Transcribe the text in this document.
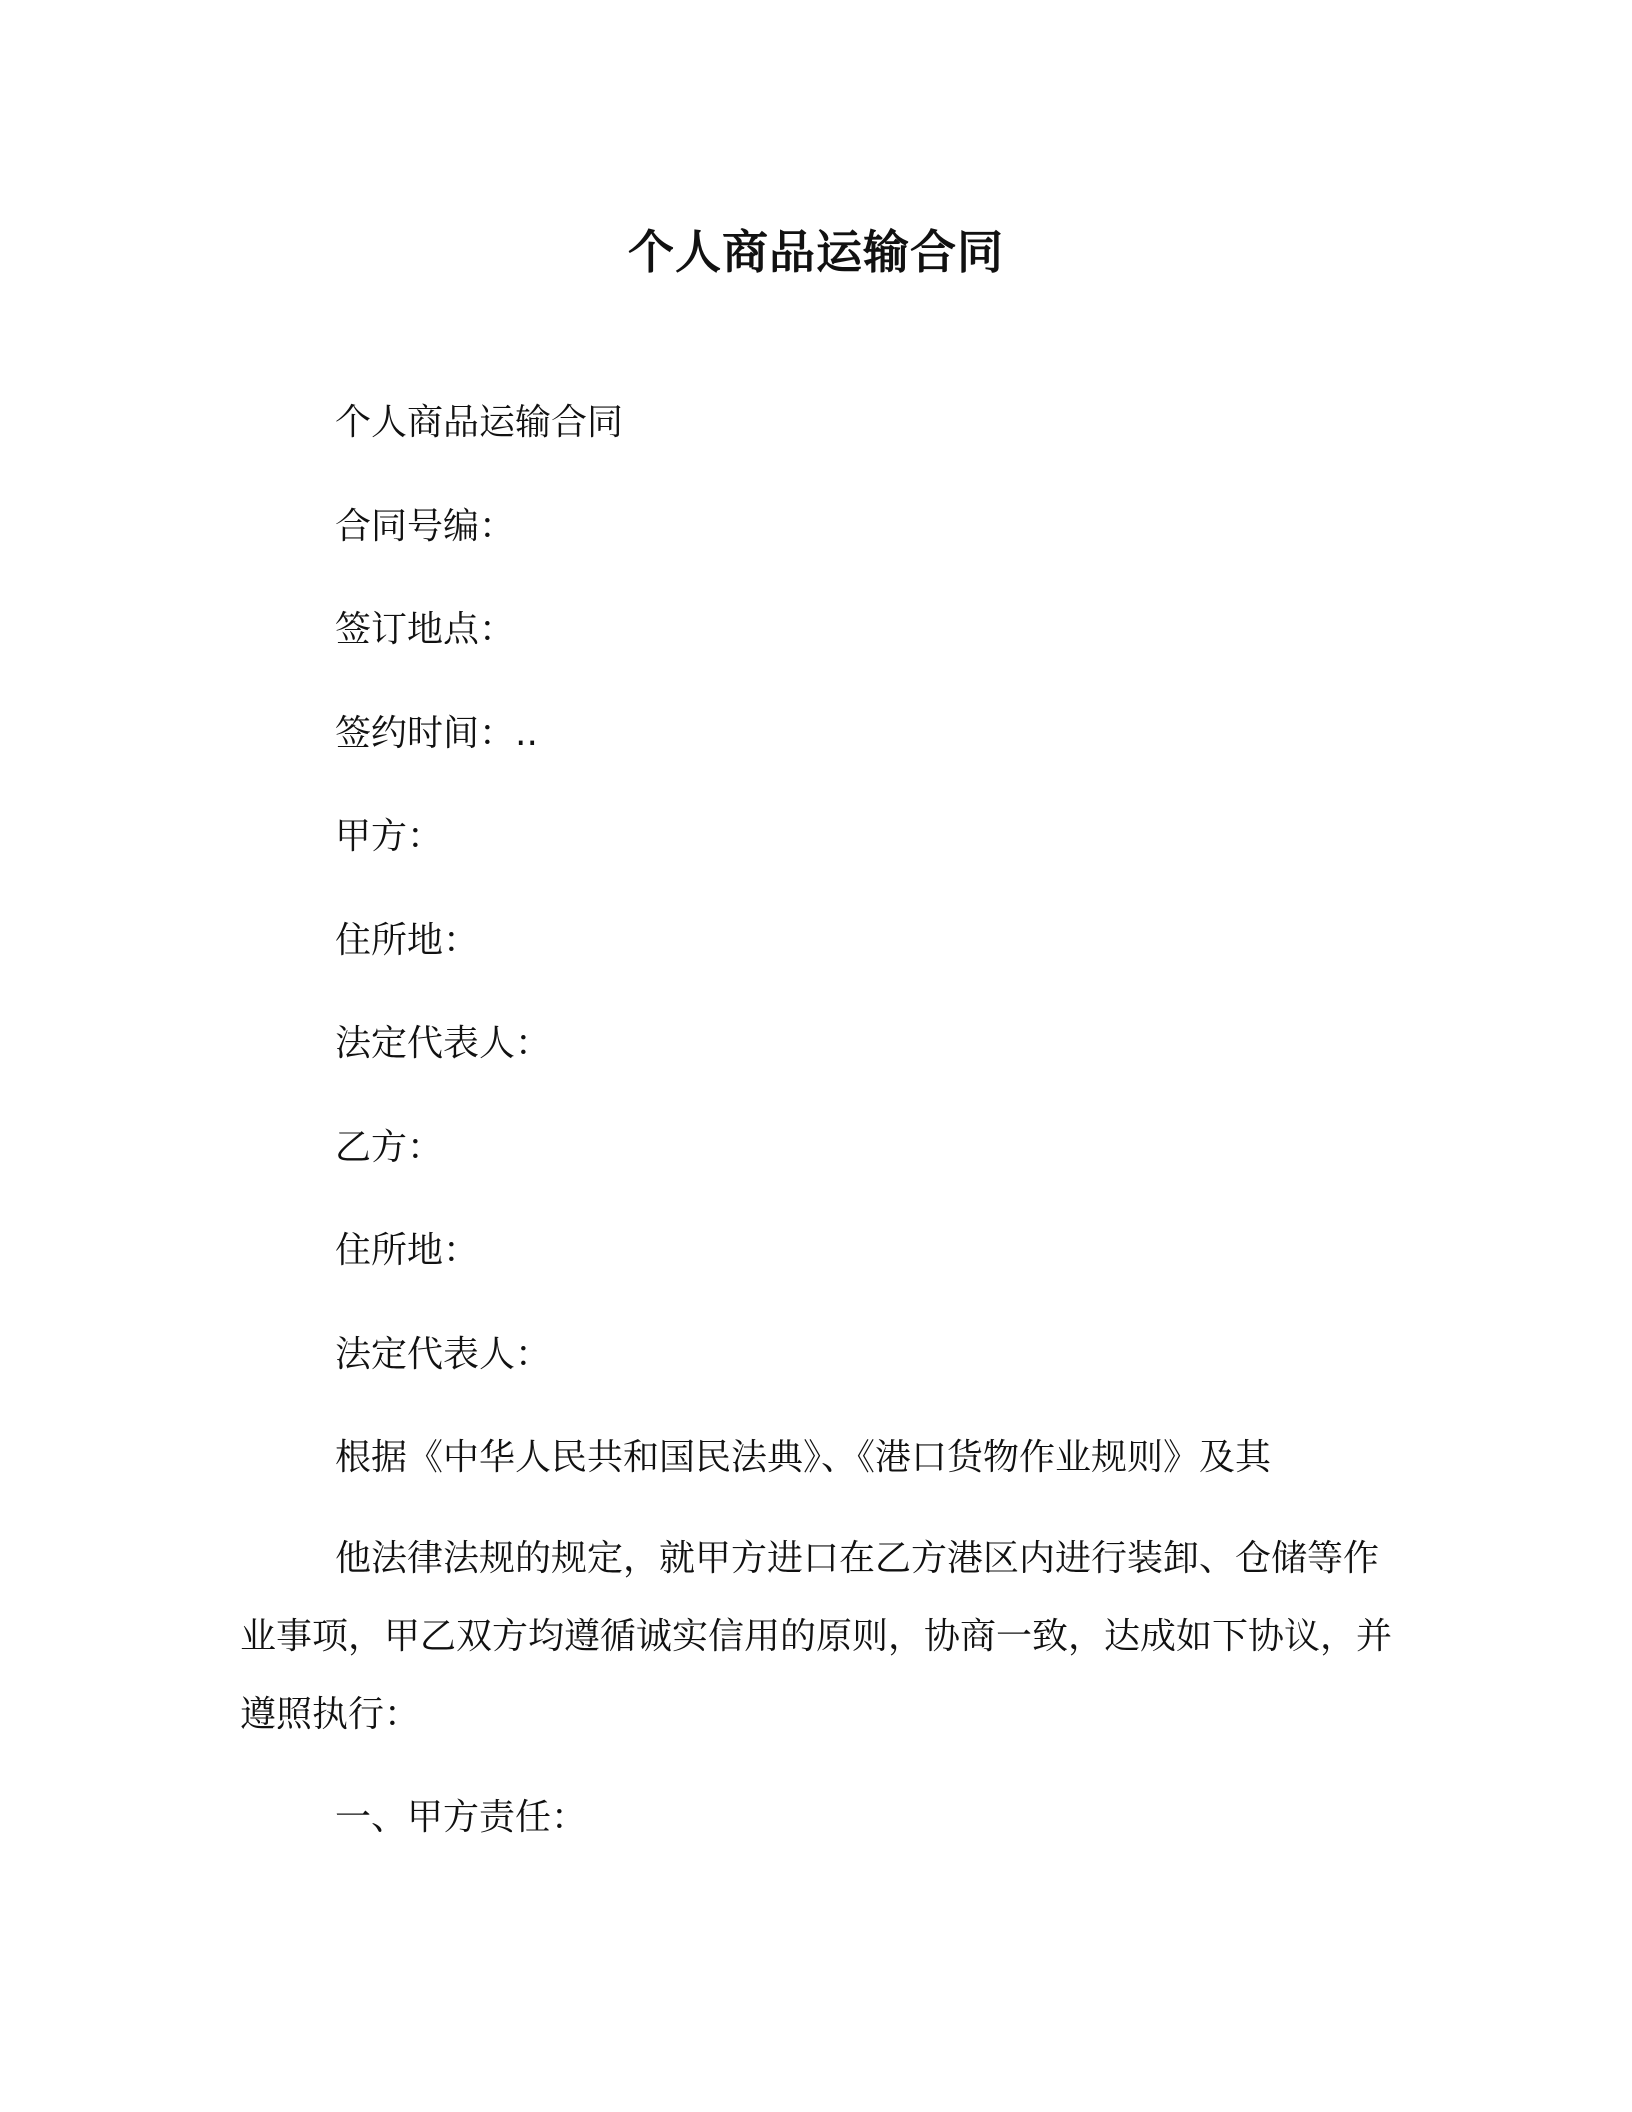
个人商品运输合同
个人商品运输合同
合同号编：
签订地点：
签约时间：..
甲方：
住所地：
法定代表人：
乙方：
住所地：
法定代表人：
根据《中华人民共和国民法典》、《港口货物作业规则》及其

他法律法规的规定，就甲方进口在乙方港区内进行装卸、仓储等作业事项，甲乙双方均遵循诚实信用的原则，协商一致，达成如下协议，并遵照执行：

一、甲方责任：
